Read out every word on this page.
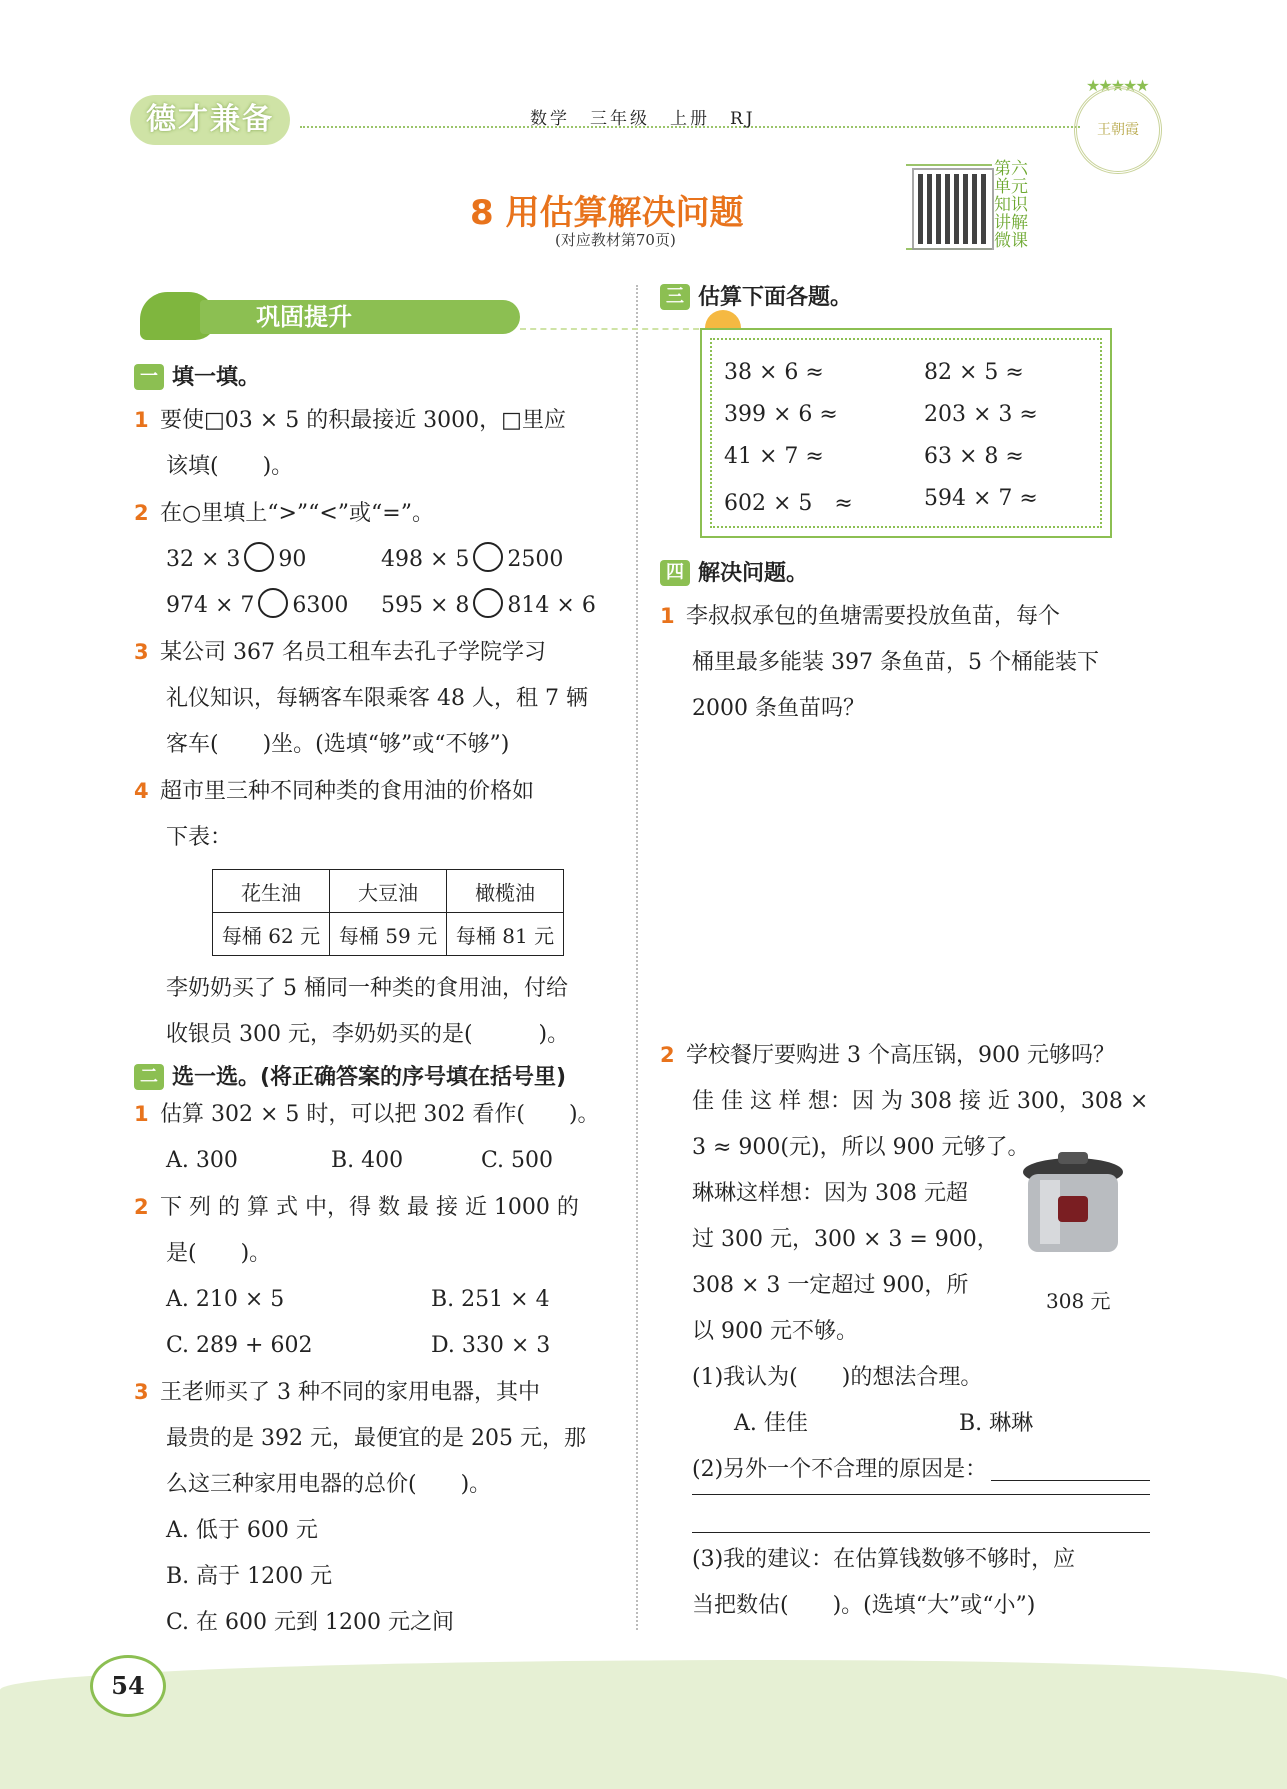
德才兼备	数学　三年级　上册　RJ
★★★★★
王朝霞
8 用估算解决问题
(对应教材第70页)
第六单元知识讲解微课
巩固提升
一 填一填。
1 要使□03 × 5 的积最接近 3000，□里应
该填(　　)。
2 在○里填上“>”“<”或“=”。
32 × 3 90	498 × 5 2500
974 × 7 6300	595 × 8 814 × 6
3 某公司 367 名员工租车去孔子学院学习
礼仪知识，每辆客车限乘客 48 人，租 7 辆
客车(　　)坐。(选填“够”或“不够”)
4 超市里三种不同种类的食用油的价格如
下表：
花生油	大豆油	橄榄油
每桶 62 元	每桶 59 元	每桶 81 元
李奶奶买了 5 桶同一种类的食用油，付给
收银员 300 元，李奶奶买的是(　　　)。
二 选一选。(将正确答案的序号填在括号里)
1 估算 302 × 5 时，可以把 302 看作(　　)。
A. 300	B. 400	C. 500
2 下 列 的 算 式 中，得 数 最 接 近 1000 的
是(　　)。
A. 210 × 5	B. 251 × 4
C. 289 + 602	D. 330 × 3
3 王老师买了 3 种不同的家用电器，其中
最贵的是 392 元，最便宜的是 205 元，那
么这三种家用电器的总价(　　)。
A. 低于 600 元
B. 高于 1200 元
C. 在 600 元到 1200 元之间
三 估算下面各题。
38 × 6 ≈	82 × 5 ≈
399 × 6 ≈	203 × 3 ≈
41 × 7 ≈	63 × 8 ≈
602 × 5　≈	594 × 7 ≈
四 解决问题。
1 李叔叔承包的鱼塘需要投放鱼苗，每个
桶里最多能装 397 条鱼苗，5 个桶能装下
2000 条鱼苗吗？
2 学校餐厅要购进 3 个高压锅，900 元够吗？
佳 佳 这 样 想：因 为 308 接 近 300，308 ×
3 ≈ 900(元)，所以 900 元够了。
琳琳这样想：因为 308 元超
过 300 元，300 × 3 = 900，
308 × 3 一定超过 900，所
以 900 元不够。
(1)我认为(　　)的想法合理。
A. 佳佳	B. 琳琳
(2)另外一个不合理的原因是：
(3)我的建议：在估算钱数够不够时，应
当把数估(　　)。(选填“大”或“小”)
308 元
54
